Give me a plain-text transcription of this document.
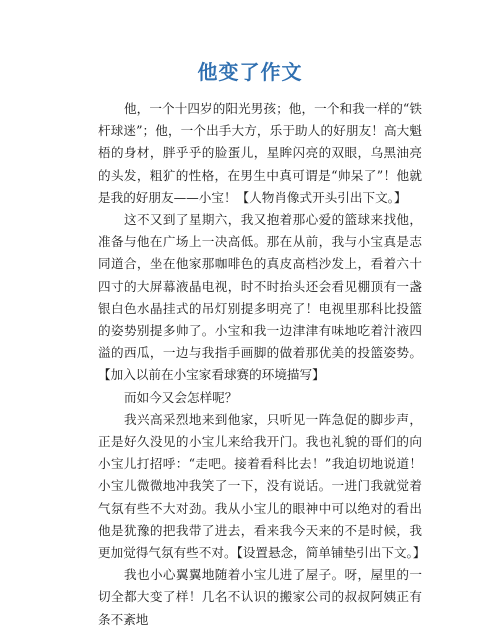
他变了作文

他，一个十四岁的阳光男孩；他，一个和我一样的“铁杆球迷”；他，一个出手大方，乐于助人的好朋友！高大魁梧的身材，胖乎乎的脸蛋儿，星眸闪亮的双眼，乌黑油亮的头发，粗犷的性格，在男生中真可谓是“帅呆了”！他就是我的好朋友——小宝！【人物肖像式开头引出下文。】

这不又到了星期六，我又抱着那心爱的篮球来找他，准备与他在广场上一决高低。那在从前，我与小宝真是志同道合，坐在他家那咖啡色的真皮高档沙发上，看着六十四寸的大屏幕液晶电视，时不时抬头还会看见棚顶有一盏银白色水晶挂式的吊灯别提多明亮了！电视里那科比投篮的姿势别提多帅了。小宝和我一边津津有味地吃着汁液四溢的西瓜，一边与我指手画脚的做着那优美的投篮姿势。【加入以前在小宝家看球赛的环境描写】

而如今又会怎样呢？

我兴高采烈地来到他家，只听见一阵急促的脚步声，正是好久没见的小宝儿来给我开门。我也礼貌的哥们的向小宝儿打招呼：“走吧。接着看科比去！”我迫切地说道！小宝儿微微地冲我笑了一下，没有说话。一进门我就觉着气氛有些不大对劲。我从小宝儿的眼神中可以绝对的看出他是犹豫的把我带了进去，看来我今天来的不是时候，我更加觉得气氛有些不对。【设置悬念，简单铺垫引出下文。】

我也小心翼翼地随着小宝儿进了屋子。呀，屋里的一切全都大变了样！几名不认识的搬家公司的叔叔阿姨正有条不紊地
